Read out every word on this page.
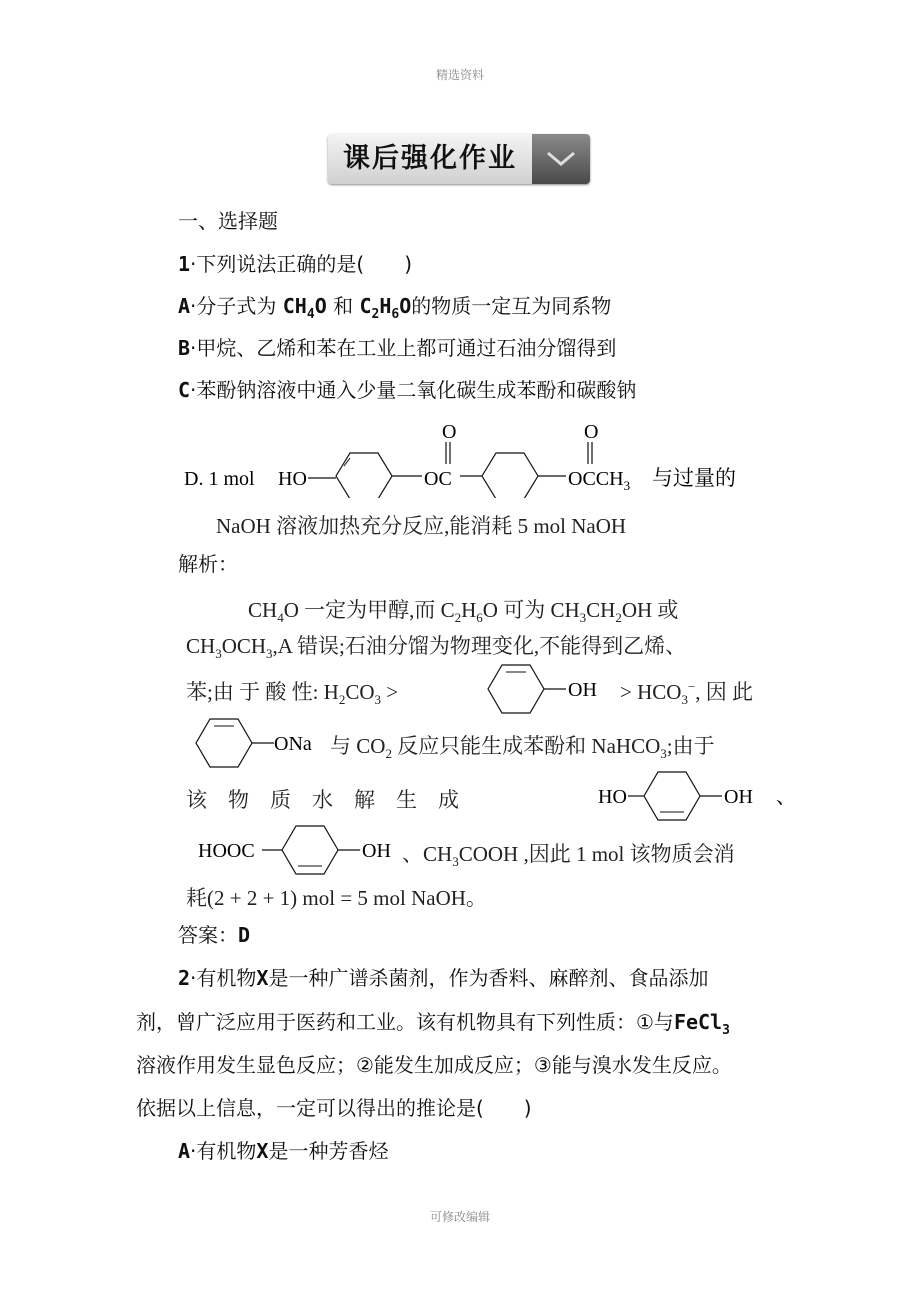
精选资料
课后强化作业
一、选择题
1·下列说法正确的是(　　)
A·分子式为 $CH_4O$ 和 $C_2H_6O$的物质一定互为同系物
B·甲烷、乙烯和苯在工业上都可通过石油分馏得到
C·苯酚钠溶液中通入少量二氧化碳生成苯酚和碳酸钠
D. 1 mol HO	OC
O
$OCCH_3$
O
与过量的
NaOH 溶液加热充分反应,能消耗 5 mol NaOH
解析：
$CH_4O$ 一定为甲醇,而 $C_2H_6O$ 可为 $CH_3CH_2OH$ 或
$CH_3OCH_3,A$ 错误;石油分馏为物理变化,不能得到乙烯、
苯;由 于 酸 性: $H_2CO_3$ >	OH > $HCO_3^-$, 因 此
ONa 与 $CO_2$ 反应只能生成苯酚和 NaHCO$_3$;由于
该　物　质　水　解　生　成	HO	OH 、
HOOC	OH 、$CH_3COOH$ ,因此 1 mol 该物质会消
耗(2 + 2 + 1) mol = 5 mol NaOH。
答案：D
2·有机物X是一种广谱杀菌剂，作为香料、麻醉剂、食品添加
剂，曾广泛应用于医药和工业。该有机物具有下列性质：①与FeCl$_3$
溶液作用发生显色反应；②能发生加成反应；③能与溴水发生反应。
依据以上信息，一定可以得出的推论是(　　)
A·有机物X是一种芳香烃
可修改编辑
